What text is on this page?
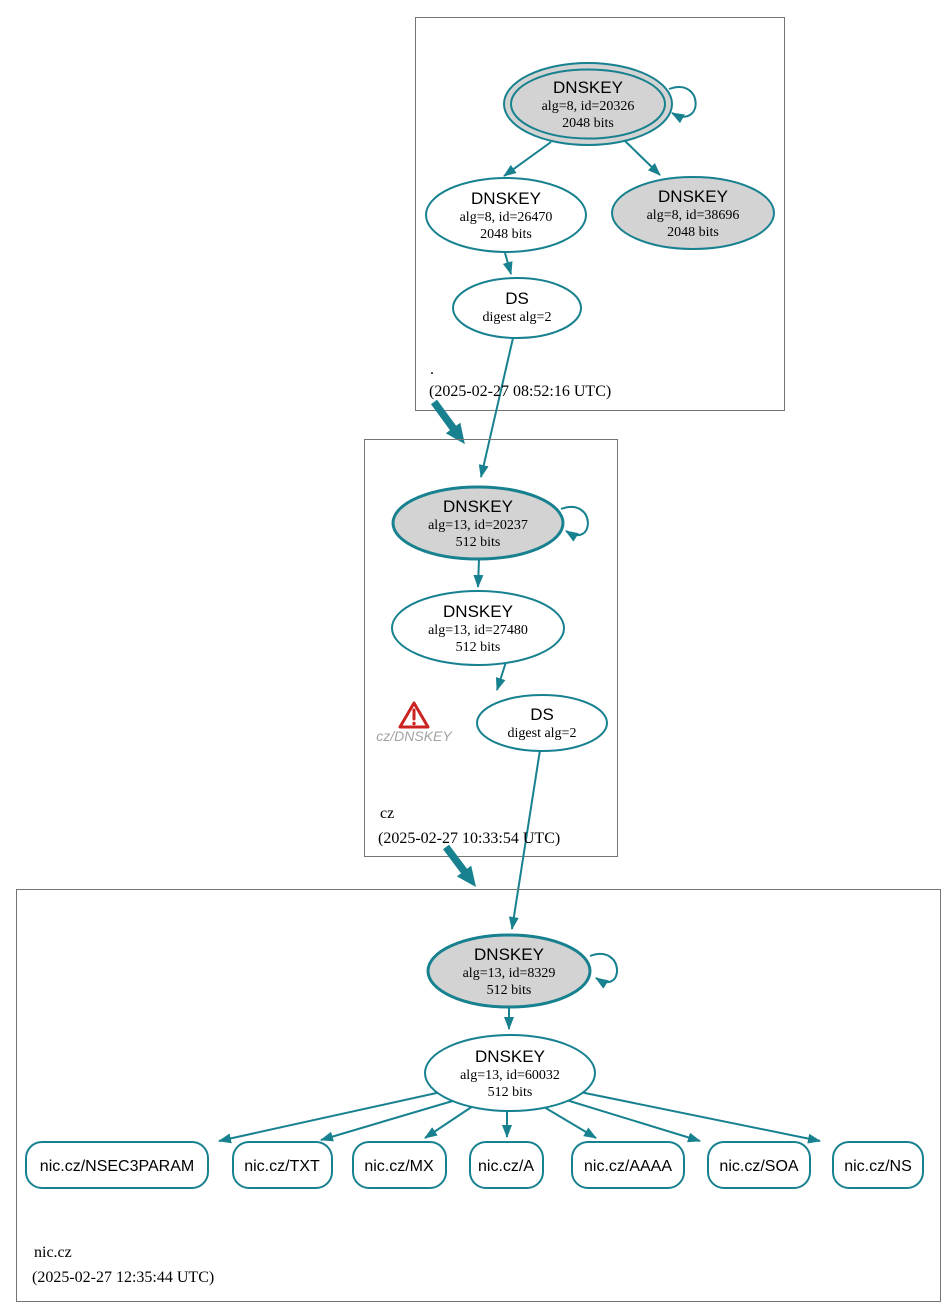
DNSKEY
alg=8, id=20326
2048 bits
DNSKEY
alg=8, id=26470
2048 bits
DNSKEY
alg=8, id=38696
2048 bits
DS
digest alg=2
.
(2025-02-27 08:52:16 UTC)
DNSKEY
alg=13, id=20237
512 bits
DNSKEY
alg=13, id=27480
512 bits
DS
digest alg=2
cz/DNSKEY
cz
(2025-02-27 10:33:54 UTC)
DNSKEY
alg=13, id=8329
512 bits
DNSKEY
alg=13, id=60032
512 bits
nic.cz/NSEC3PARAM	nic.cz/TXT	nic.cz/MX	nic.cz/A	nic.cz/AAAA	nic.cz/SOA	nic.cz/NS
nic.cz
(2025-02-27 12:35:44 UTC)
